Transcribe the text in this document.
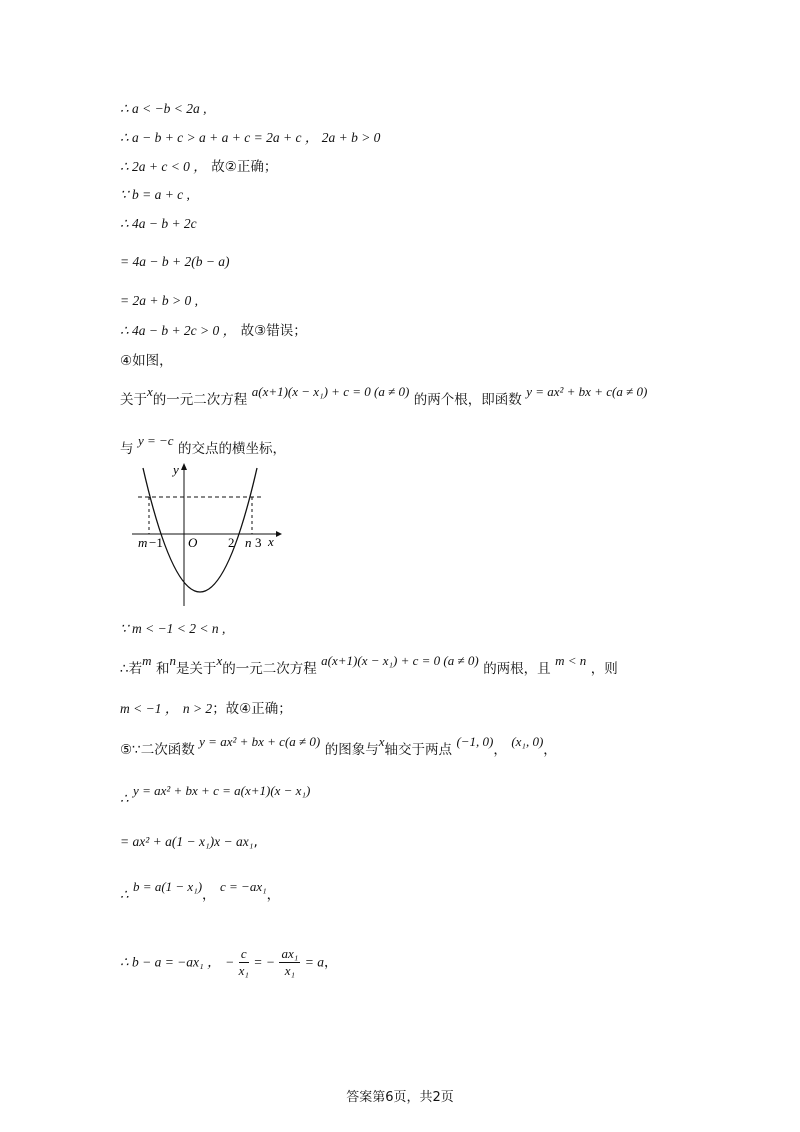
∴ a < −b < 2a ,
∴ a − b + c > a + a + c = 2a + c ， 2a + b > 0
∴ 2a + c < 0 ， 故②正确；
∵ b = a + c ,
∴ 4a − b + 2c
= 4a − b + 2(b − a)
= 2a + b > 0 ,
∴ 4a − b + 2c > 0 ， 故③错误；
④如图，
关于x的一元二次方程 a(x+1)(x − x₁) + c = 0 (a ≠ 0) 的两个根，即函数 y = ax² + bx + c(a ≠ 0)
与 y = −c 的交点的横坐标，
y
x
O
m −1	2 n 3
∵ m < −1 < 2 < n ,
∴若m 和n是关于x的一元二次方程 a(x+1)(x − x₁) + c = 0 (a ≠ 0) 的两根，且 m < n ，则
m < −1 ， n > 2；故④正确；
⑤∵二次函数 y = ax² + bx + c(a ≠ 0) 的图象与x轴交于两点 (−1, 0)， (x₁, 0)，
∴ y = ax² + bx + c = a(x+1)(x − x₁)
= ax² + a(1 − x₁)x − ax₁,
∴ b = a(1 − x₁)， c = −ax₁，
∴ b − a = −ax₁ ， − $\frac{c}{\text{x₁}}$ = − $\frac{\text{ax₁}}{\text{x₁}} = a$，
答案第6页，共2页
